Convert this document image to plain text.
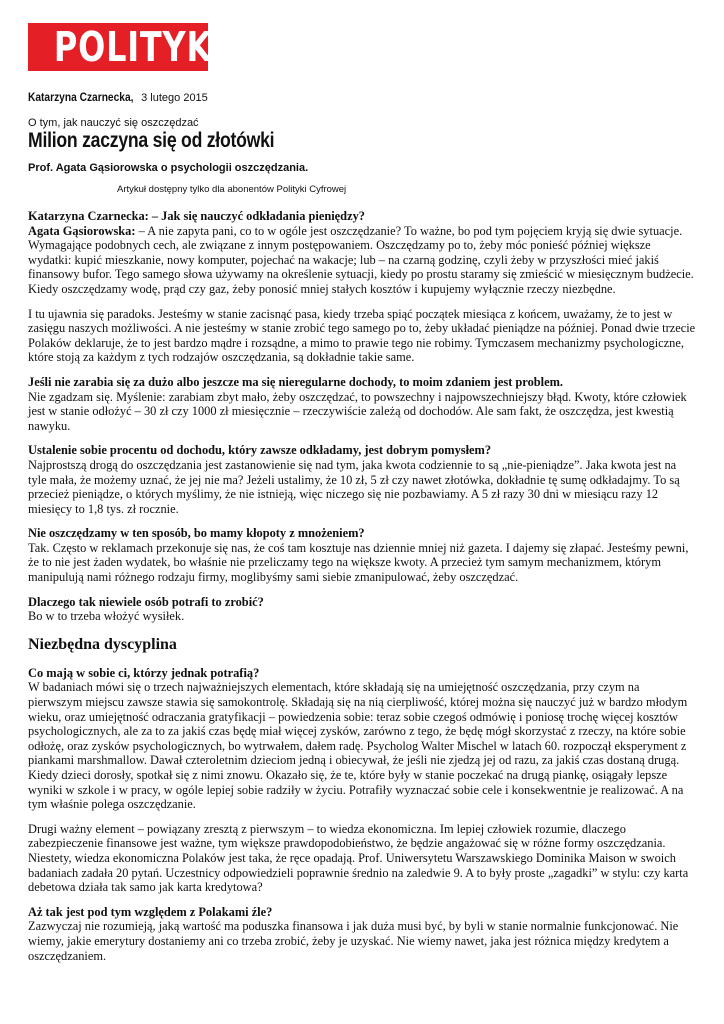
POLITYKA
Katarzyna Czarnecka, 3 lutego 2015
O tym, jak nauczyć się oszczędzać
Milion zaczyna się od złotówki
Prof. Agata Gąsiorowska o psychologii oszczędzania.
Artykuł dostępny tylko dla abonentów Polityki Cyfrowej

Katarzyna Czarnecka: – Jak się nauczyć odkładania pieniędzy?
Agata Gąsiorowska: – A nie zapyta pani, co to w ogóle jest oszczędzanie? To ważne, bo pod tym pojęciem kryją się dwie sytuacje. Wymagające podobnych cech, ale związane z innym postępowaniem. Oszczędzamy po to, żeby móc ponieść później większe wydatki: kupić mieszkanie, nowy komputer, pojechać na wakacje; lub – na czarną godzinę, czyli żeby w przyszłości mieć jakiś finansowy bufor. Tego samego słowa używamy na określenie sytuacji, kiedy po prostu staramy się zmieścić w miesięcznym budżecie. Kiedy oszczędzamy wodę, prąd czy gaz, żeby ponosić mniej stałych kosztów i kupujemy wyłącznie rzeczy niezbędne.

I tu ujawnia się paradoks. Jesteśmy w stanie zacisnąć pasa, kiedy trzeba spiąć początek miesiąca z końcem, uważamy, że to jest w zasięgu naszych możliwości. A nie jesteśmy w stanie zrobić tego samego po to, żeby układać pieniądze na później. Ponad dwie trzecie Polaków deklaruje, że to jest bardzo mądre i rozsądne, a mimo to prawie tego nie robimy. Tymczasem mechanizmy psychologiczne, które stoją za każdym z tych rodzajów oszczędzania, są dokładnie takie same.

Jeśli nie zarabia się za dużo albo jeszcze ma się nieregularne dochody, to moim zdaniem jest problem.
Nie zgadzam się. Myślenie: zarabiam zbyt mało, żeby oszczędzać, to powszechny i najpowszechniejszy błąd. Kwoty, które człowiek jest w stanie odłożyć – 30 zł czy 1000 zł miesięcznie – rzeczywiście zależą od dochodów. Ale sam fakt, że oszczędza, jest kwestią nawyku.

Ustalenie sobie procentu od dochodu, który zawsze odkładamy, jest dobrym pomysłem?
Najprostszą drogą do oszczędzania jest zastanowienie się nad tym, jaka kwota codziennie to są „nie-pieniądze”. Jaka kwota jest na tyle mała, że możemy uznać, że jej nie ma? Jeżeli ustalimy, że 10 zł, 5 zł czy nawet złotówka, dokładnie tę sumę odkładajmy. To są przecież pieniądze, o których myślimy, że nie istnieją, więc niczego się nie pozbawiamy. A 5 zł razy 30 dni w miesiącu razy 12 miesięcy to 1,8 tys. zł rocznie.

Nie oszczędzamy w ten sposób, bo mamy kłopoty z mnożeniem?
Tak. Często w reklamach przekonuje się nas, że coś tam kosztuje nas dziennie mniej niż gazeta. I dajemy się złapać. Jesteśmy pewni, że to nie jest żaden wydatek, bo właśnie nie przeliczamy tego na większe kwoty. A przecież tym samym mechanizmem, którym manipulują nami różnego rodzaju firmy, moglibyśmy sami siebie zmanipulować, żeby oszczędzać.

Dlaczego tak niewiele osób potrafi to zrobić?
Bo w to trzeba włożyć wysiłek.

Niezbędna dyscyplina

Co mają w sobie ci, którzy jednak potrafią?
W badaniach mówi się o trzech najważniejszych elementach, które składają się na umiejętność oszczędzania, przy czym na pierwszym miejscu zawsze stawia się samokontrolę. Składają się na nią cierpliwość, której można się nauczyć już w bardzo młodym wieku, oraz umiejętność odraczania gratyfikacji – powiedzenia sobie: teraz sobie czegoś odmówię i poniosę trochę więcej kosztów psychologicznych, ale za to za jakiś czas będę miał więcej zysków, zarówno z tego, że będę mógł skorzystać z rzeczy, na które sobie odłożę, oraz zysków psychologicznych, bo wytrwałem, dałem radę. Psycholog Walter Mischel w latach 60. rozpoczął eksperyment z piankami marshmallow. Dawał czteroletnim dzieciom jedną i obiecywał, że jeśli nie zjedzą jej od razu, za jakiś czas dostaną drugą. Kiedy dzieci dorosły, spotkał się z nimi znowu. Okazało się, że te, które były w stanie poczekać na drugą piankę, osiągały lepsze wyniki w szkole i w pracy, w ogóle lepiej sobie radziły w życiu. Potrafiły wyznaczać sobie cele i konsekwentnie je realizować. A na tym właśnie polega oszczędzanie.

Drugi ważny element – powiązany zresztą z pierwszym – to wiedza ekonomiczna. Im lepiej człowiek rozumie, dlaczego zabezpieczenie finansowe jest ważne, tym większe prawdopodobieństwo, że będzie angażować się w różne formy oszczędzania. Niestety, wiedza ekonomiczna Polaków jest taka, że ręce opadają. Prof. Uniwersytetu Warszawskiego Dominika Maison w swoich badaniach zadała 20 pytań. Uczestnicy odpowiedzieli poprawnie średnio na zaledwie 9. A to były proste „zagadki” w stylu: czy karta debetowa działa tak samo jak karta kredytowa?

Aż tak jest pod tym względem z Polakami źle?
Zazwyczaj nie rozumieją, jaką wartość ma poduszka finansowa i jak duża musi być, by byli w stanie normalnie funkcjonować. Nie wiemy, jakie emerytury dostaniemy ani co trzeba zrobić, żeby je uzyskać. Nie wiemy nawet, jaka jest różnica między kredytem a oszczędzaniem.
